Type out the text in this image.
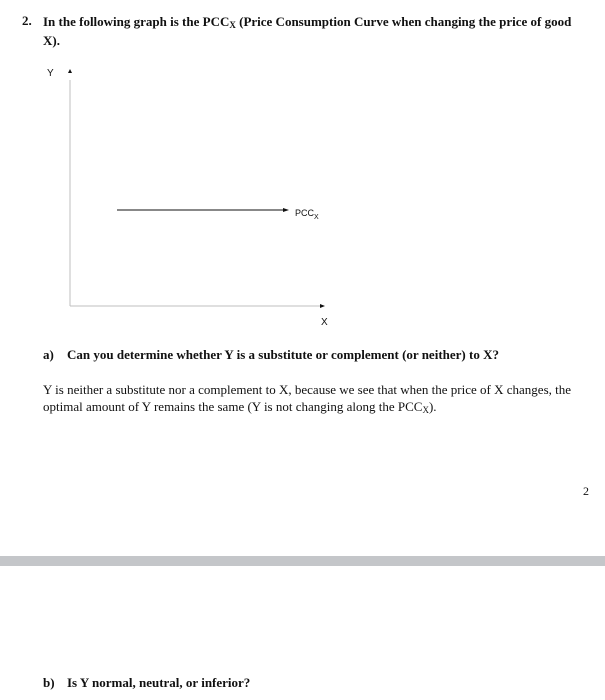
2. In the following graph is the PCCX (Price Consumption Curve when changing the price of good X).
Y
X
$PCC_X$
a) Can you determine whether Y is a substitute or complement (or neither) to X?
Y is neither a substitute nor a complement to X, because we see that when the price of X changes, the optimal amount of Y remains the same (Y is not changing along the PCCX).
2
b) Is Y normal, neutral, or inferior?
